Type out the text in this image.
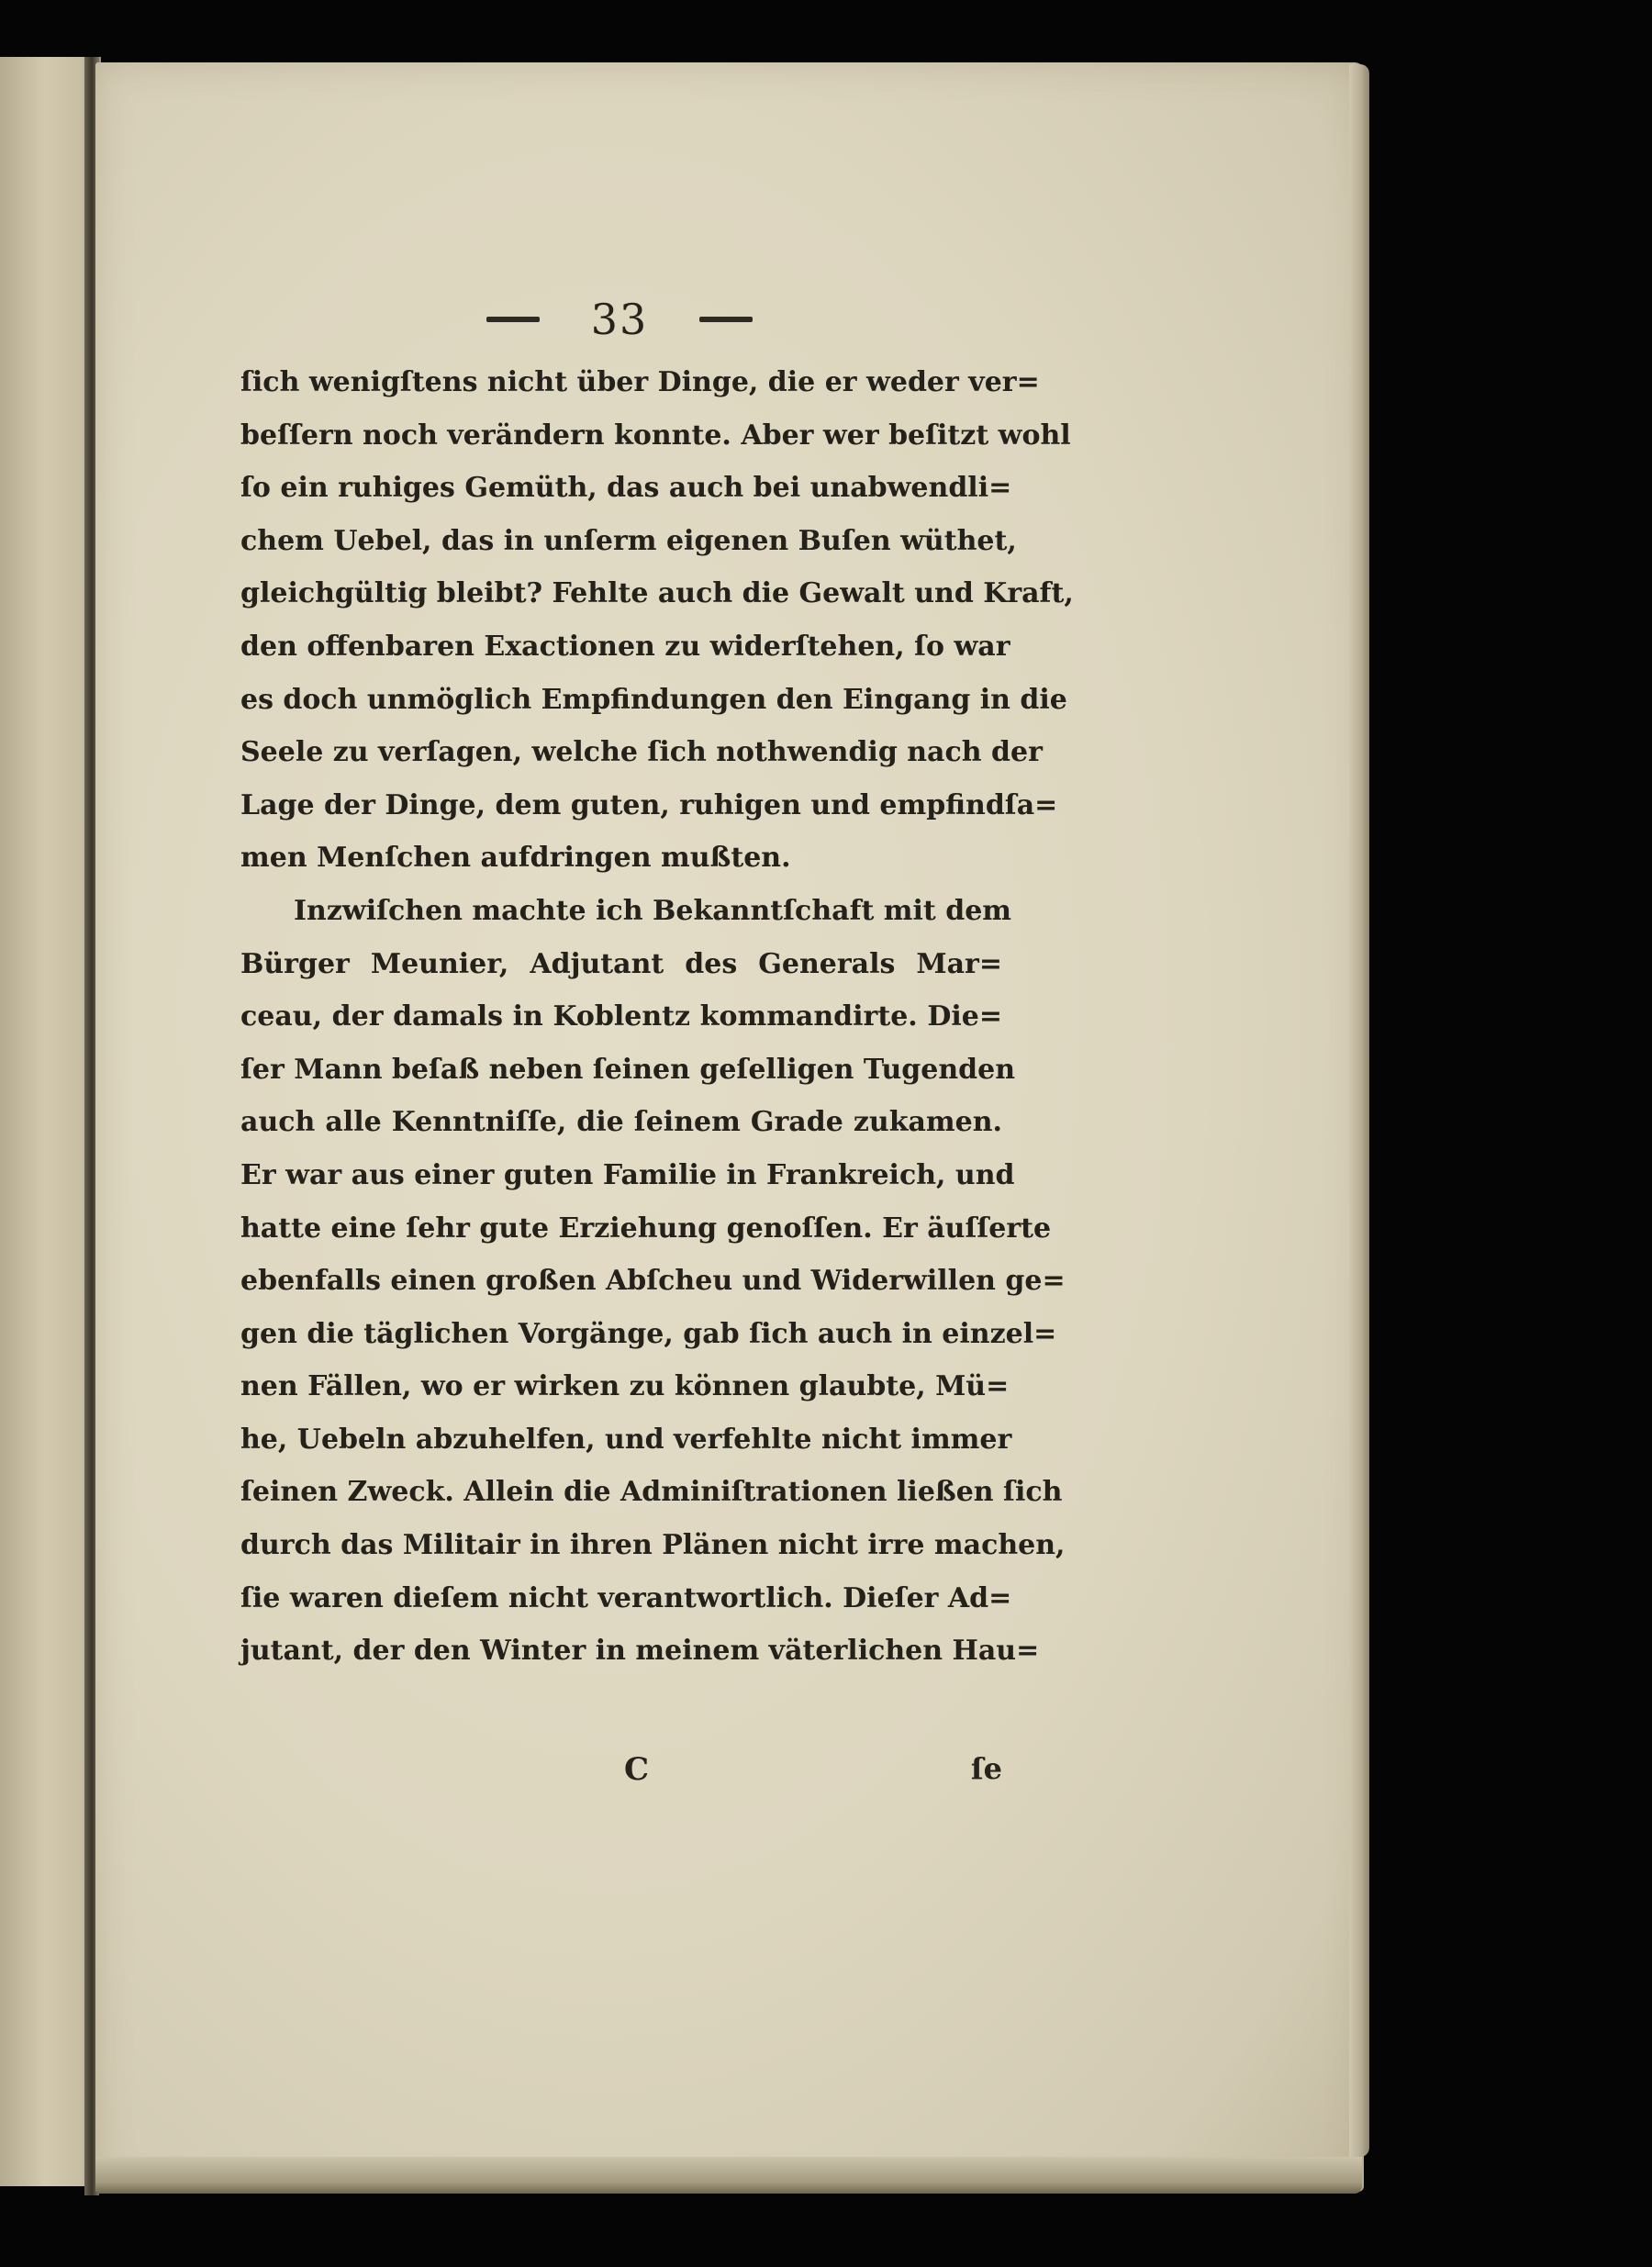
33
ſich wenigſtens nicht über Dinge, die er weder ver=
beſſern noch verändern konnte. Aber wer beſitzt wohl
ſo ein ruhiges Gemüth, das auch bei unabwendli=
chem Uebel, das in unſerm eigenen Buſen wüthet,
gleichgültig bleibt? Fehlte auch die Gewalt und Kraft,
den offenbaren Exactionen zu widerſtehen, ſo war
es doch unmöglich Empfindungen den Eingang in die
Seele zu verſagen, welche ſich nothwendig nach der
Lage der Dinge, dem guten, ruhigen und empfindſa=
men Menſchen aufdringen mußten.
Inzwiſchen machte ich Bekanntſchaft mit dem
Bürger Meunier, Adjutant des Generals Mar=
ceau, der damals in Koblentz kommandirte. Die=
ſer Mann beſaß neben ſeinen geſelligen Tugenden
auch alle Kenntniſſe, die ſeinem Grade zukamen.
Er war aus einer guten Familie in Frankreich, und
hatte eine ſehr gute Erziehung genoſſen. Er äuſſerte
ebenfalls einen großen Abſcheu und Widerwillen ge=
gen die täglichen Vorgänge, gab ſich auch in einzel=
nen Fällen, wo er wirken zu können glaubte, Mü=
he, Uebeln abzuhelfen, und verfehlte nicht immer
ſeinen Zweck. Allein die Adminiſtrationen ließen ſich
durch das Militair in ihren Plänen nicht irre machen,
ſie waren dieſem nicht verantwortlich. Dieſer Ad=
jutant, der den Winter in meinem väterlichen Hau=
C	ſe
